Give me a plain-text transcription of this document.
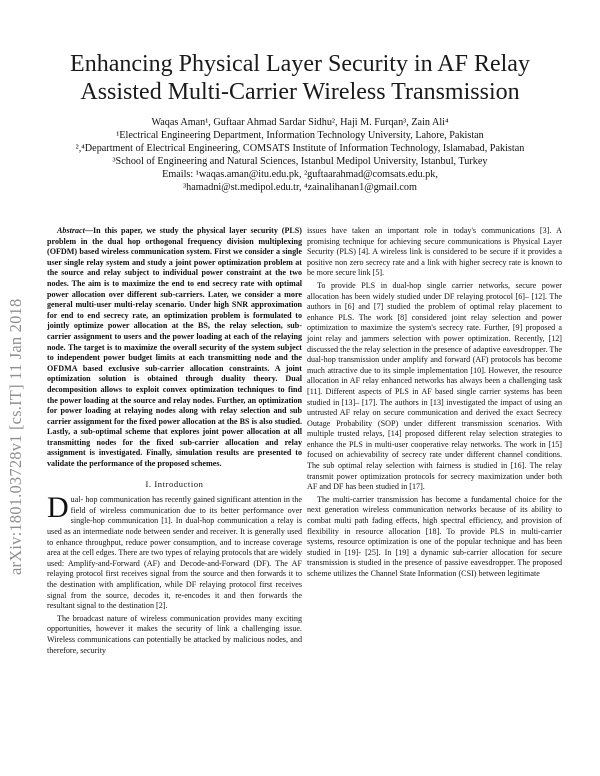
arXiv:1801.03728v1 [cs.IT] 11 Jan 2018
Enhancing Physical Layer Security in AF Relay
Assisted Multi-Carrier Wireless Transmission
Waqas Aman¹, Guftaar Ahmad Sardar Sidhu², Haji M. Furqan³, Zain Ali⁴
¹Electrical Engineering Department, Information Technology University, Lahore, Pakistan
²,⁴Department of Electrical Engineering, COMSATS Institute of Information Technology, Islamabad, Pakistan
³School of Engineering and Natural Sciences, Istanbul Medipol University, Istanbul, Turkey
Emails: ¹waqas.aman@itu.edu.pk, ²guftaarahmad@comsats.edu.pk,
³hamadni@st.medipol.edu.tr, ⁴zainalihanan1@gmail.com

Abstract—In this paper, we study the physical layer security (PLS) problem in the dual hop orthogonal frequency division multiplexing (OFDM) based wireless communication system. First we consider a single user single relay system and study a joint power optimization problem at the source and relay subject to individual power constraint at the two nodes. The aim is to maximize the end to end secrecy rate with optimal power allocation over different sub-carriers. Later, we consider a more general multi-user multi-relay scenario. Under high SNR approximation for end to end secrecy rate, an optimization problem is formulated to jointly optimize power allocation at the BS, the relay selection, sub-carrier assignment to users and the power loading at each of the relaying node. The target is to maximize the overall security of the system subject to independent power budget limits at each transmitting node and the OFDMA based exclusive sub-carrier allocation constraints. A joint optimization solution is obtained through duality theory. Dual decomposition allows to exploit convex optimization techniques to find the power loading at the source and relay nodes. Further, an optimization for power loading at relaying nodes along with relay selection and sub carrier assignment for the fixed power allocation at the BS is also studied. Lastly, a sub-optimal scheme that explores joint power allocation at all transmitting nodes for the fixed sub-carrier allocation and relay assignment is investigated. Finally, simulation results are presented to validate the performance of the proposed schemes.

I. Introduction

Dual- hop communication has recently gained significant attention in the field of wireless communication due to its better performance over single-hop communication [1]. In dual-hop communication a relay is used as an intermediate node between sender and receiver. It is generally used to enhance throughput, reduce power consumption, and to increase coverage area at the cell edges. There are two types of relaying protocols that are widely used: Amplify-and-Forward (AF) and Decode-and-Forward (DF). The AF relaying protocol first receives signal from the source and then forwards it to the destination with amplification, while DF relaying protocol first receives signal from the source, decodes it, re-encodes it and then forwards the resultant signal to the destination [2].

The broadcast nature of wireless communication provides many exciting opportunities, however it makes the security of link a challenging issue. Wireless communications can potentially be attacked by malicious nodes, and therefore, security

issues have taken an important role in today's communications [3]. A promising technique for achieving secure communications is Physical Layer Security (PLS) [4]. A wireless link is considered to be secure if it provides a positive non zero secrecy rate and a link with higher secrecy rate is known to be more secure link [5].

To provide PLS in dual-hop single carrier networks, secure power allocation has been widely studied under DF relaying protocol [6]– [12]. The authors in [6] and [7] studied the problem of optimal relay placement to enhance PLS. The work [8] considered joint relay selection and power optimization to maximize the system's secrecy rate. Further, [9] proposed a joint relay and jammers selection with power optimization. Recently, [12] discussed the the relay selection in the presence of adaptive eavesdropper. The dual-hop transmission under amplify and forward (AF) protocols has become much attractive due to its simple implementation [10]. However, the resource allocation in AF relay enhanced networks has always been a challenging task [11]. Different aspects of PLS in AF based single carrier systems has been studied in [13]– [17]. The authors in [13] investigated the impact of using an untrusted AF relay on secure communication and derived the exact Secrecy Outage Probability (SOP) under different transmission scenarios. With multiple trusted relays, [14] proposed different relay selection strategies to enhance the PLS in multi-user cooperative relay networks. The work in [15] focused on achievability of secrecy rate under different channel conditions. The sub optimal relay selection with fairness is studied in [16]. The relay transmit power optimization protocols for secrecy maximization under both AF and DF has been studied in [17].

The multi-carrier transmission has become a fundamental choice for the next generation wireless communication networks because of its ability to combat multi path fading effects, high spectral efficiency, and provision of flexibility in resource allocation [18]. To provide PLS in multi-carrier systems, resource optimization is one of the popular technique and has been studied in [19]- [25]. In [19] a dynamic sub-carrier allocation for secure transmission is studied in the presence of passive eavesdropper. The proposed scheme utilizes the Channel State Information (CSI) between legitimate
